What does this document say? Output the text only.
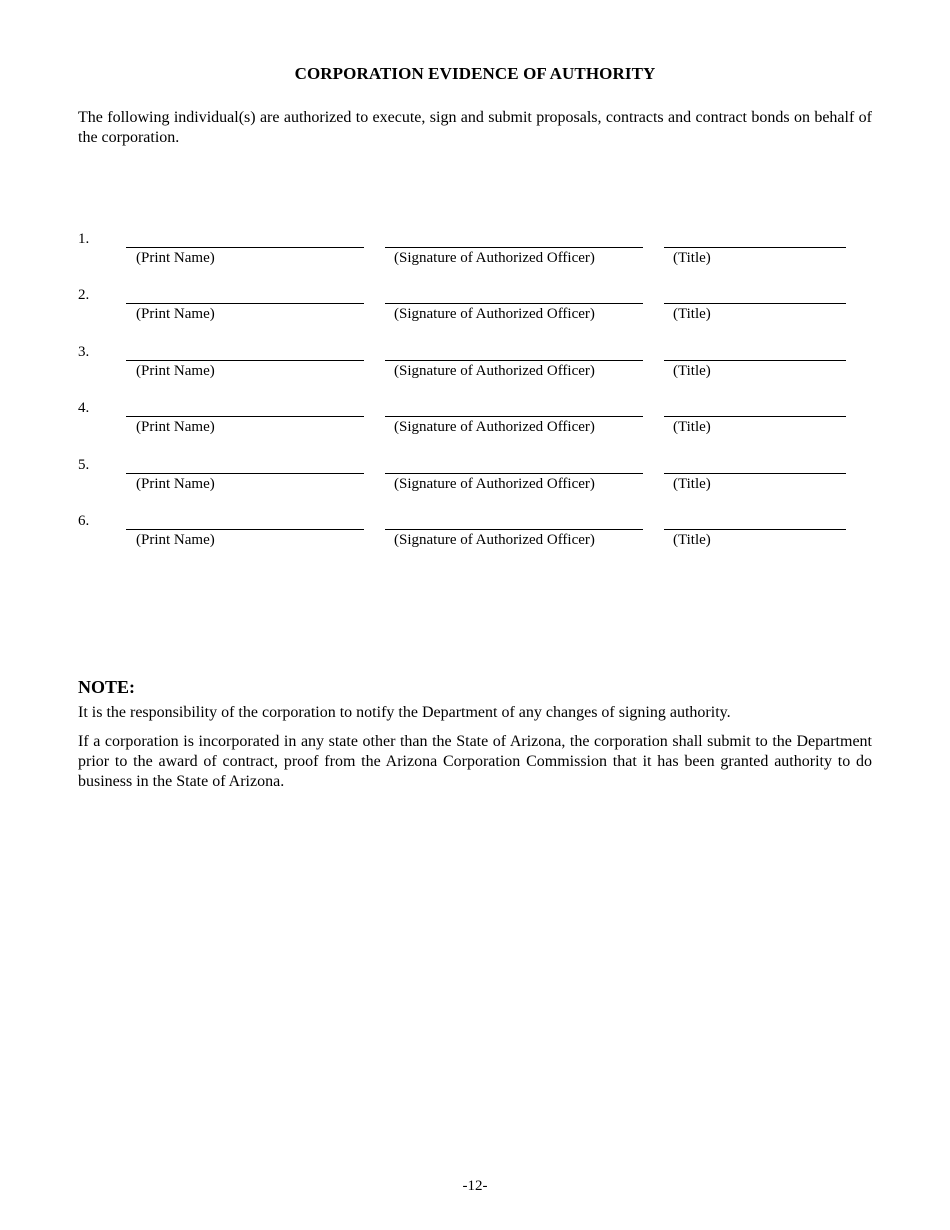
CORPORATION EVIDENCE OF AUTHORITY
The following individual(s) are authorized to execute, sign and submit proposals, contracts and contract bonds on behalf of the corporation.
1.
(Print Name)	(Signature of Authorized Officer)	(Title)
2.
(Print Name)	(Signature of Authorized Officer)	(Title)
3.
(Print Name)	(Signature of Authorized Officer)	(Title)
4.
(Print Name)	(Signature of Authorized Officer)	(Title)
5.
(Print Name)	(Signature of Authorized Officer)	(Title)
6.
(Print Name)	(Signature of Authorized Officer)	(Title)
NOTE:
It is the responsibility of the corporation to notify the Department of any changes of signing authority.
If a corporation is incorporated in any state other than the State of Arizona, the corporation shall submit to the Department prior to the award of contract, proof from the Arizona Corporation Commission that it has been granted authority to do business in the State of Arizona.
-12-
